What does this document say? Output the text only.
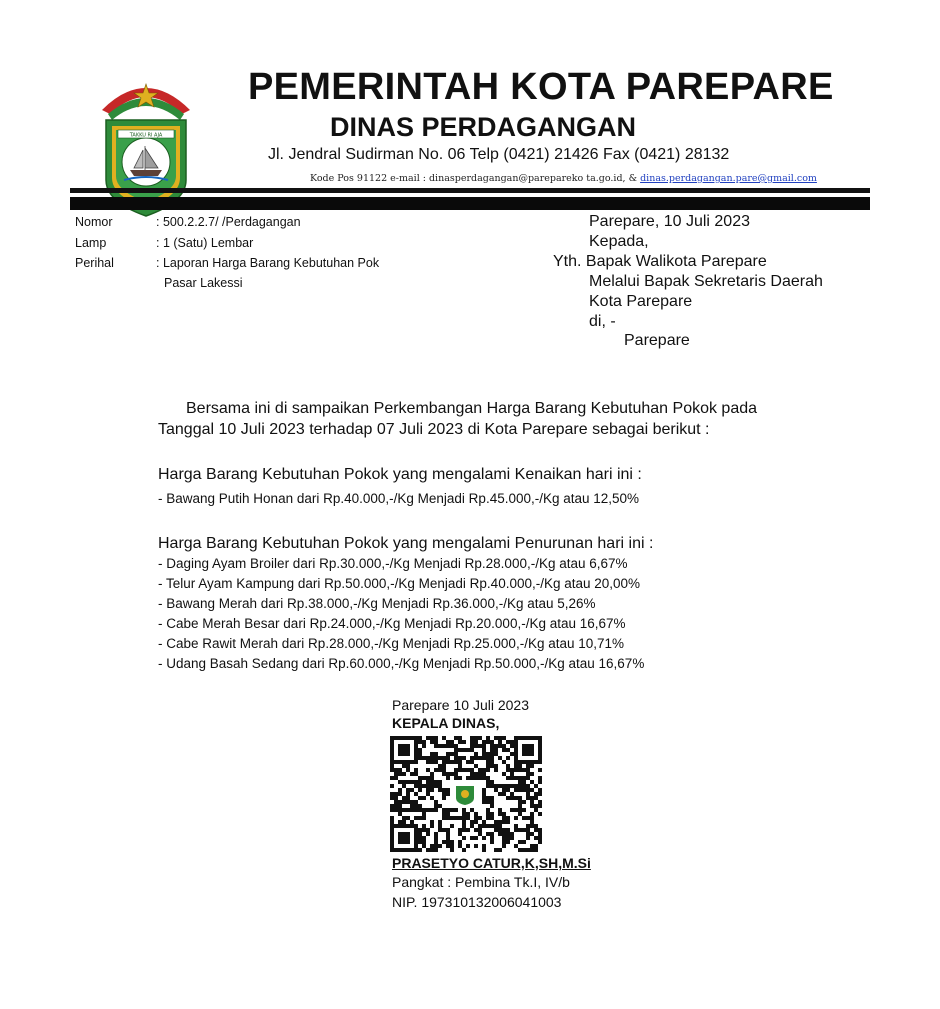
TAKKU RI AJA
PEMERINTAH KOTA PAREPARE
DINAS PERDAGANGAN
Jl. Jendral Sudirman No. 06 Telp (0421) 21426 Fax (0421) 28132
Kode Pos 91122 e-mail : dinasperdagangan@parepareko ta.go.id, & dinas.perdagangan.pare@gmail.com
Nomor	: 500.2.2.7/ /Perdagangan
Lamp	: 1 (Satu) Lembar
Perihal	: Laporan Harga Barang Kebutuhan Pok
Pasar Lakessi
Parepare, 10 Juli 2023
Kepada,
Yth. Bapak Walikota Parepare
Melalui Bapak Sekretaris Daerah
Kota Parepare
di, -
Parepare
Bersama ini di sampaikan Perkembangan Harga Barang Kebutuhan Pokok pada
Tanggal 10 Juli 2023 terhadap 07 Juli 2023 di Kota Parepare sebagai berikut :
Harga Barang Kebutuhan Pokok yang mengalami Kenaikan hari ini :
- Bawang Putih Honan dari Rp.40.000,-/Kg Menjadi Rp.45.000,-/Kg atau 12,50%
Harga Barang Kebutuhan Pokok yang mengalami Penurunan hari ini :
- Daging Ayam Broiler dari Rp.30.000,-/Kg Menjadi Rp.28.000,-/Kg atau 6,67%
- Telur Ayam Kampung dari Rp.50.000,-/Kg Menjadi Rp.40.000,-/Kg atau 20,00%
- Bawang Merah dari Rp.38.000,-/Kg Menjadi Rp.36.000,-/Kg atau 5,26%
- Cabe Merah Besar dari Rp.24.000,-/Kg Menjadi Rp.20.000,-/Kg atau 16,67%
- Cabe Rawit Merah dari Rp.28.000,-/Kg Menjadi Rp.25.000,-/Kg atau 10,71%
- Udang Basah Sedang dari Rp.60.000,-/Kg Menjadi Rp.50.000,-/Kg atau 16,67%
Parepare 10 Juli 2023
KEPALA DINAS,
PRASETYO CATUR,K,SH,M.Si
Pangkat : Pembina Tk.I, IV/b
NIP. 197310132006041003
